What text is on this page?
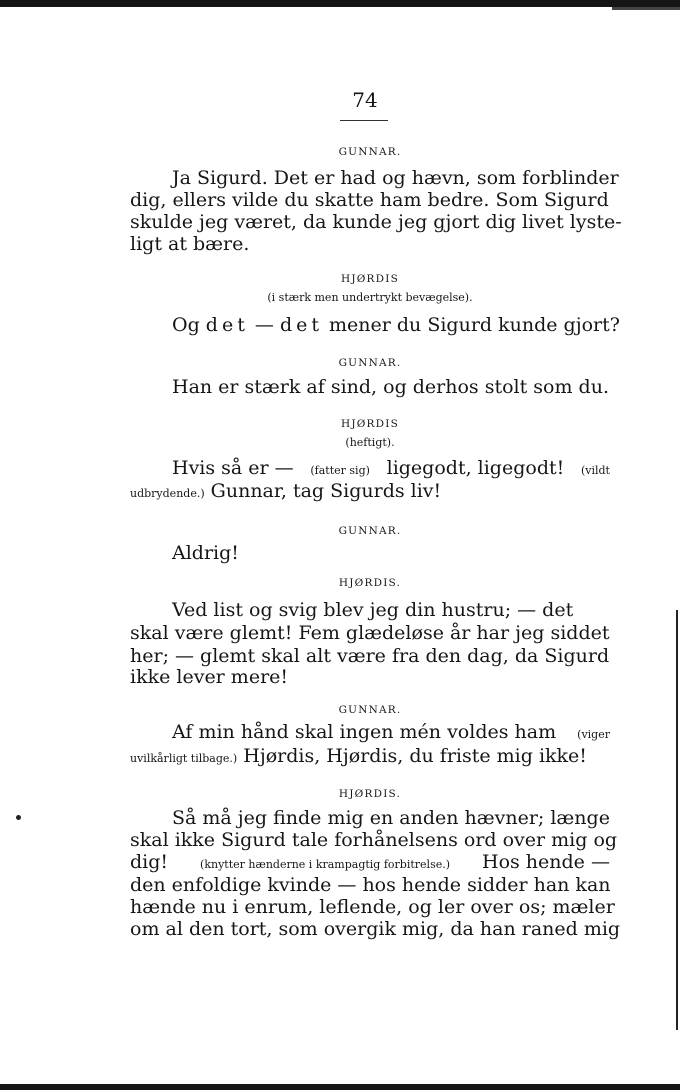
74
GUNNAR.
Ja Sigurd. Det er had og hævn, som forblinder
dig, ellers vilde du skatte ham bedre. Som Sigurd
skulde jeg været, da kunde jeg gjort dig livet lyste-
ligt at bære.
HJØRDIS
(i stærk men undertrykt bevægelse).
Og
det — det mener du Sigurd kunde gjort?
GUNNAR.
Han er stærk af sind, og derhos stolt som du.
HJØRDIS
(heftigt).
Hvis så er — (fatter sig) ligegodt, ligegodt! (vildt
udbrydende.) Gunnar, tag Sigurds liv!
GUNNAR.
Aldrig!
HJØRDIS.
Ved list og svig blev jeg din hustru; — det
skal være glemt! Fem glædeløse år har jeg siddet
her; — glemt skal alt være fra den dag, da Sigurd
ikke lever mere!
GUNNAR.
Af min hånd skal ingen mén voldes ham (viger
uvilkårligt tilbage.) Hjørdis, Hjørdis, du friste mig ikke!
HJØRDIS.
Så må jeg finde mig en anden hævner; længe
skal ikke Sigurd tale forhånelsens ord over mig og
dig! (knytter hænderne i krampagtig forbitrelse.) Hos hende —
den enfoldige kvinde — hos hende sidder han kan
hænde nu i enrum, leflende, og ler over os; mæler
om al den tort, som overgik mig, da han raned mig
